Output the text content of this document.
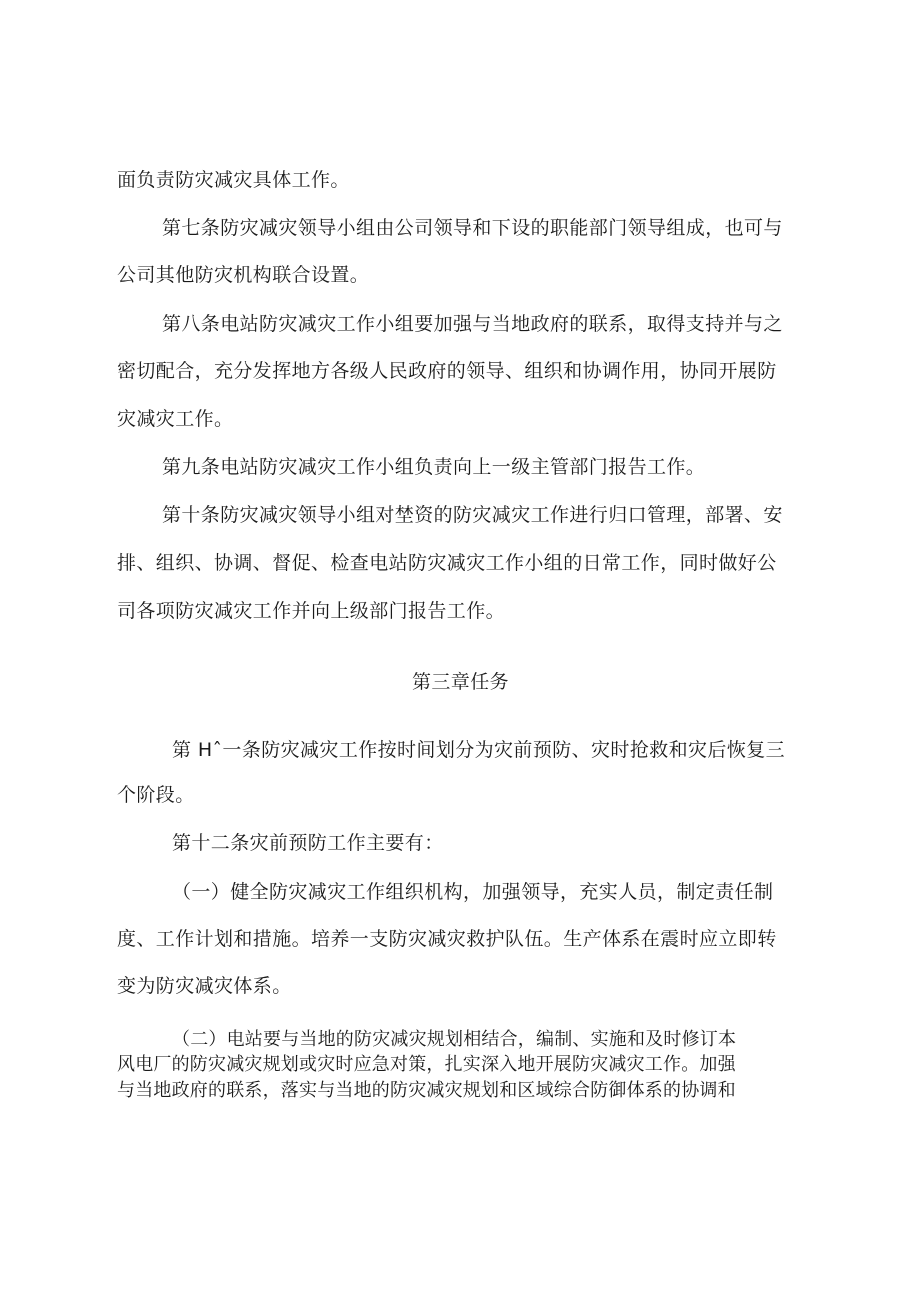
面负责防灾减灾具体工作。
第七条防灾减灾领导小组由公司领导和下设的职能部门领导组成，也可与
公司其他防灾机构联合设置。
第八条电站防灾减灾工作小组要加强与当地政府的联系，取得支持并与之
密切配合，充分发挥地方各级人民政府的领导、组织和协调作用，协同开展防
灾减灾工作。
第九条电站防灾减灾工作小组负责向上一级主管部门报告工作。
第十条防灾减灾领导小组对埜资的防灾减灾工作进行归口管理，部署、安
排、组织、协调、督促、检查电站防灾减灾工作小组的日常工作，同时做好公
司各项防灾减灾工作并向上级部门报告工作。
第三章任务
第 Hˆ一条防灾减灾工作按时间划分为灾前预防、灾时抢救和灾后恢复三
个阶段。
第十二条灾前预防工作主要有：
（一）健全防灾减灾工作组织机构，加强领导，充实人员，制定责任制
度、工作计划和措施。培养一支防灾减灾救护队伍。生产体系在震时应立即转
变为防灾减灾体系。
（二）电站要与当地的防灾减灾规划相结合，编制、实施和及时修订本
风电厂的防灾减灾规划或灾时应急对策，扎实深入地开展防灾减灾工作。加强
与当地政府的联系，落实与当地的防灾减灾规划和区域综合防御体系的协调和
